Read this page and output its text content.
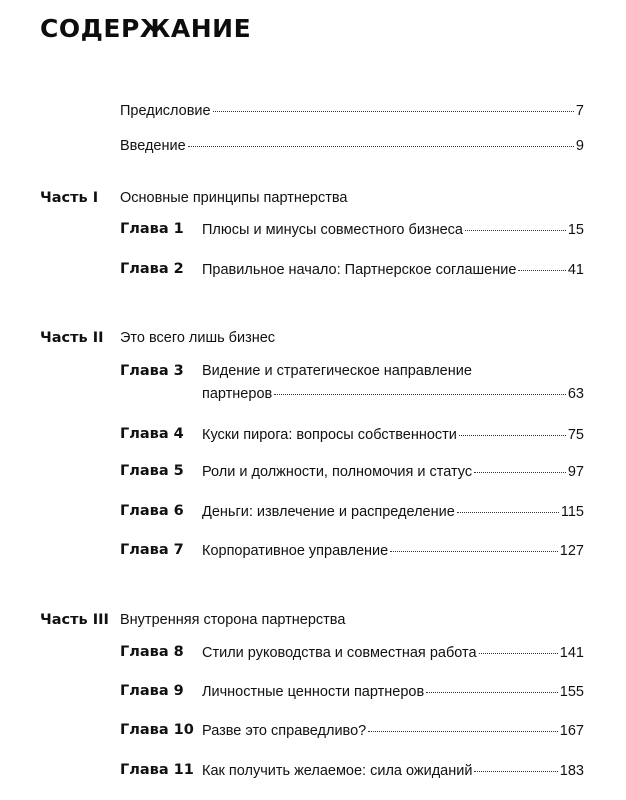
СОДЕРЖАНИЕ
Предисловие	7
Введение	9
Часть I Основные принципы партнерства
Глава 1 Плюсы и минусы совместного бизнеса	15
Глава 2 Правильное начало: Партнерское соглашение	41
Часть II Это всего лишь бизнес
Глава 3 Видение и стратегическое направление
партнеров	63
Глава 4 Куски пирога: вопросы собственности	75
Глава 5 Роли и должности, полномочия и статус	97
Глава 6 Деньги: извлечение и распределение	115
Глава 7 Корпоративное управление	127
Часть III Внутренняя сторона партнерства
Глава 8 Стили руководства и совместная работа	141
Глава 9 Личностные ценности партнеров	155
Глава 10 Разве это справедливо?	167
Глава 11 Как получить желаемое: сила ожиданий	183
